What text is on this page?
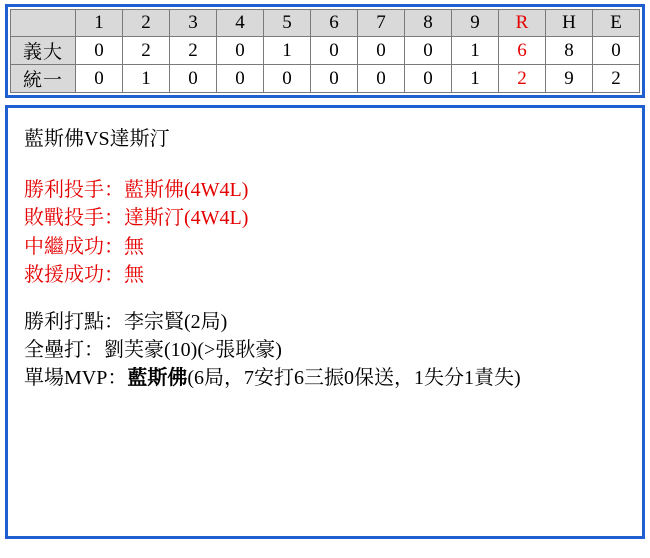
	1	2	3	4	5	6	7	8	9	R	H	E
義大	0	2	2	0	1	0	0	0	1	6	8	0
統一	0	1	0	0	0	0	0	0	1	2	9	2
藍斯佛VS達斯汀
勝利投手：藍斯佛(4W4L)
敗戰投手：達斯汀(4W4L)
中繼成功：無
救援成功：無
勝利打點：李宗賢(2局)
全壘打：劉芙豪(10)(>張耿豪)
單場MVP：藍斯佛(6局，7安打6三振0保送，1失分1責失)
